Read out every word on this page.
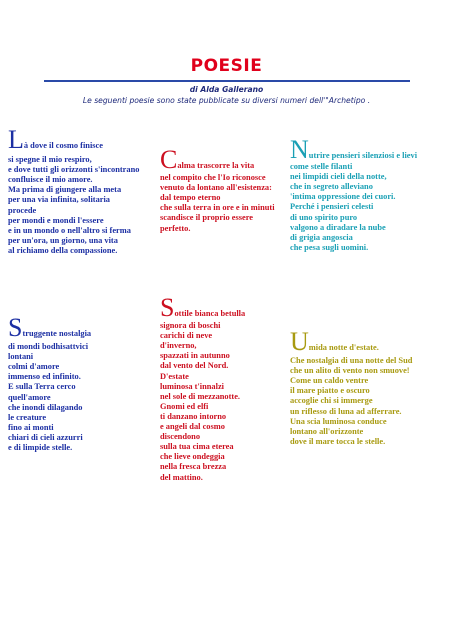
POESIE
di Alda Gallerano
Le seguenti poesie sono state pubblicate su diversi numeri dell'"Archetipo .
Là dove il cosmo finisce
si spegne il mio respiro,
e dove tutti gli orizzonti s'incontrano
confluisce il mio amore.
Ma prima di giungere alla meta
per una via infinita, solitaria
procede
per mondi e mondi l'essere
e in un mondo o nell'altro si ferma
per un'ora, un giorno, una vita
al richiamo della compassione.
Calma trascorre la vita
nel compito che l'Io riconosce
venuto da lontano all'esistenza:
dal tempo eterno
che sulla terra in ore e in minuti
scandisce il proprio essere
perfetto.
Nutrire pensieri silenziosi e lievi
come stelle filanti
nei limpidi cieli della notte,
che in segreto alleviano
'intima oppressione dei cuori.
Perché i pensieri celesti
di uno spirito puro
valgono a diradare la nube
di grigia angoscia
che pesa sugli uomini.
Struggente nostalgia
di mondi bodhisattvici
lontani
colmi d'amore
immenso ed infinito.
E sulla Terra cerco
quell'amore
che inondi dilagando
le creature
fino ai monti
chiari di cieli azzurri
e di limpide stelle.
Sottile bianca betulla
signora di boschi
carichi di neve
d'inverno,
spazzati in autunno
dal vento del Nord.
D'estate
luminosa t'innalzi
nel sole di mezzanotte.
Gnomi ed elfi
ti danzano intorno
e angeli dal cosmo
discendono
sulla tua cima eterea
che lieve ondeggia
nella fresca brezza
del mattino.
Umida notte d'estate.
Che nostalgia di una notte del Sud
che un alito di vento non smuove!
Come un caldo ventre
il mare piatto e oscuro
accoglie chi si immerge
un riflesso di luna ad afferrare.
Una scia luminosa conduce
lontano all'orizzonte
dove il mare tocca le stelle.
